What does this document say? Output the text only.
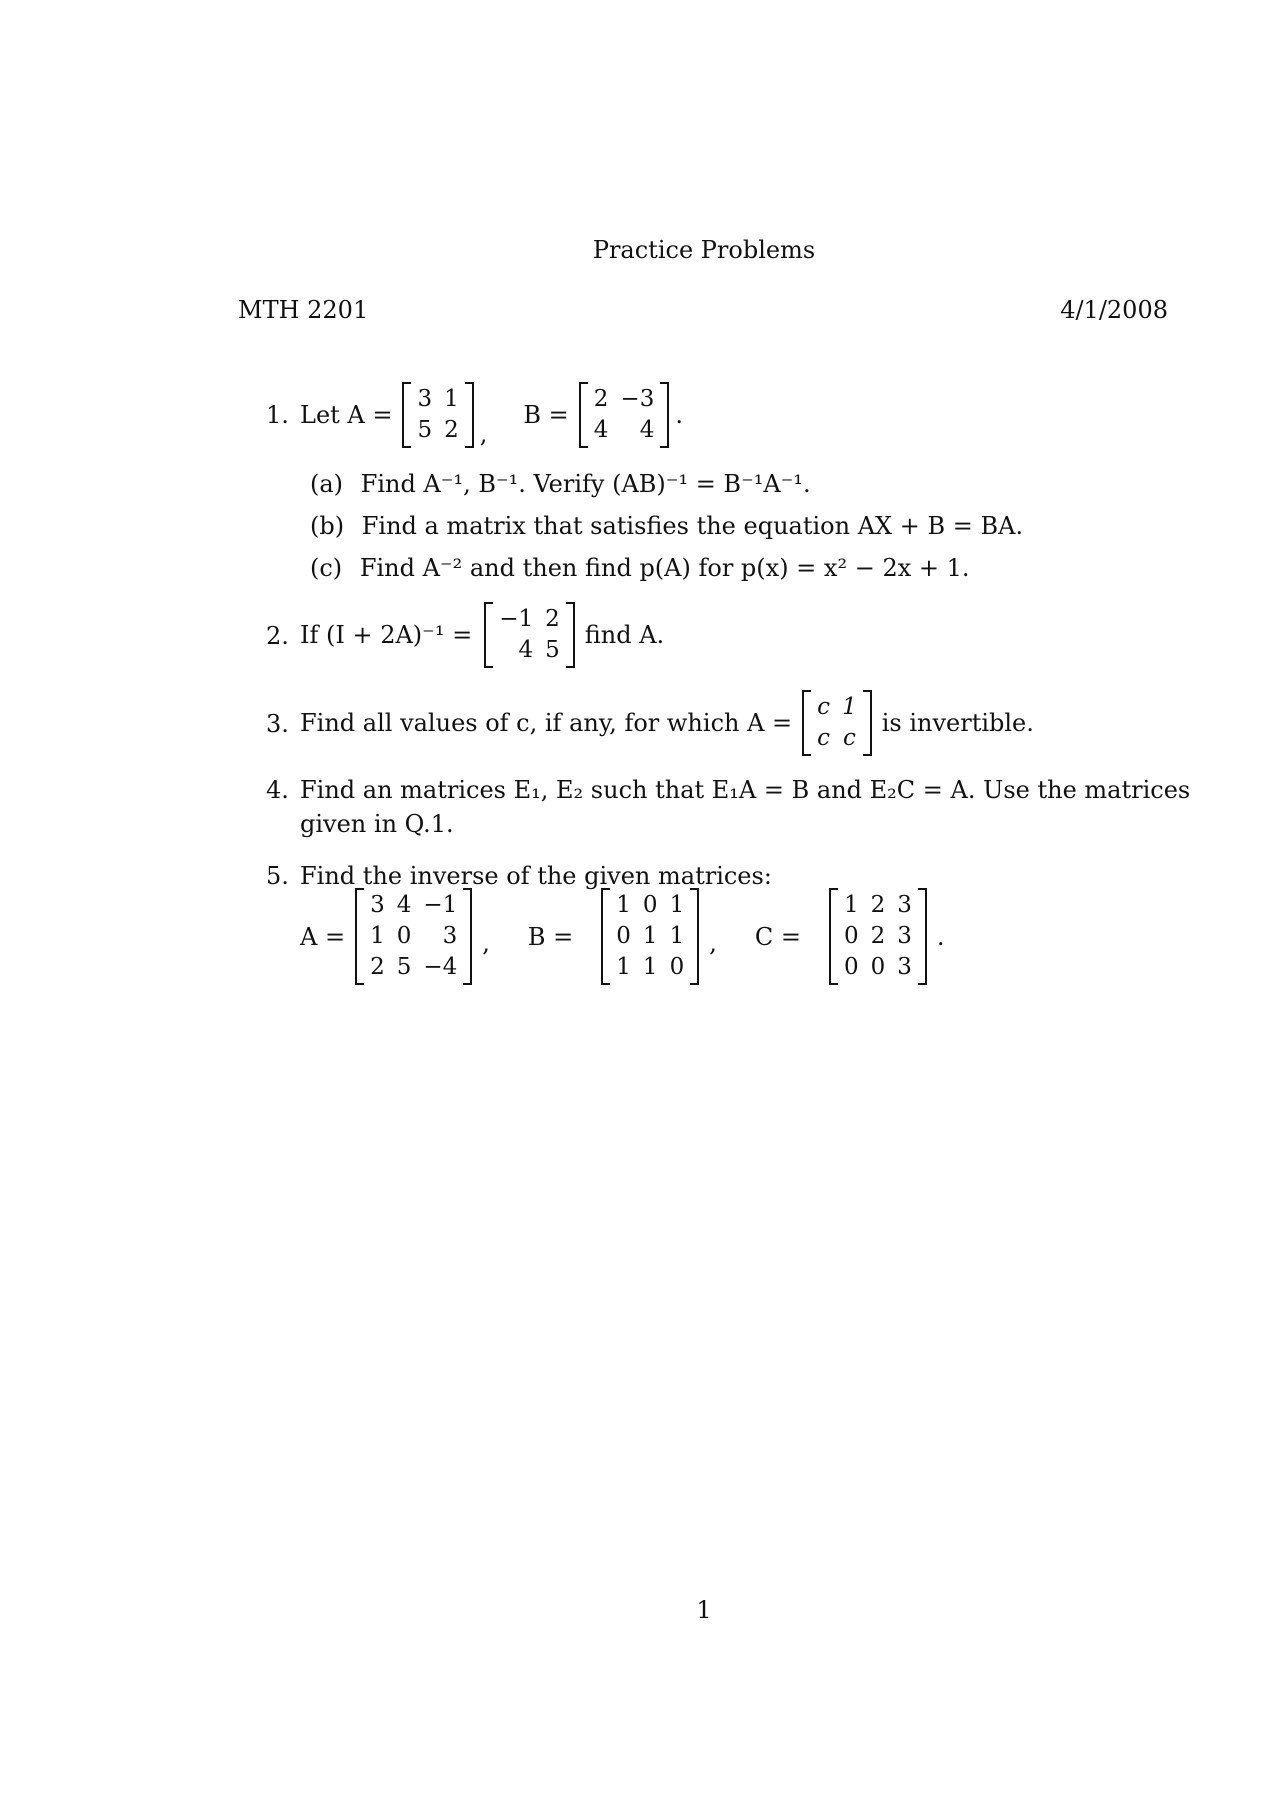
Practice Problems
MTH 2201	4/1/2008
1. Let A =
3 1
5 2 ,
B =
2 −3
4	4
.
(a) Find A⁻¹, B⁻¹. Verify (AB)⁻¹ = B⁻¹A⁻¹.
(b) Find a matrix that satisfies the equation AX + B = BA.
(c) Find A⁻² and then find p(A) for p(x) = x² − 2x + 1.
2. If (I + 2A)⁻¹ =
−1 2
4 5
find A.
3. Find all values of c, if any, for which A =
c 1
c c
is invertible.
4. Find an matrices E₁, E₂ such that E₁A = B and E₂C = A. Use the matrices
given in Q.1.
5. Find the inverse of the given matrices:
A =
3 4 −1
1 0	3
2 5 −4
, B =
1 0 1
0 1 1
1 1 0
, C =
1 2 3
0 2 3
0 0 3
.
1
